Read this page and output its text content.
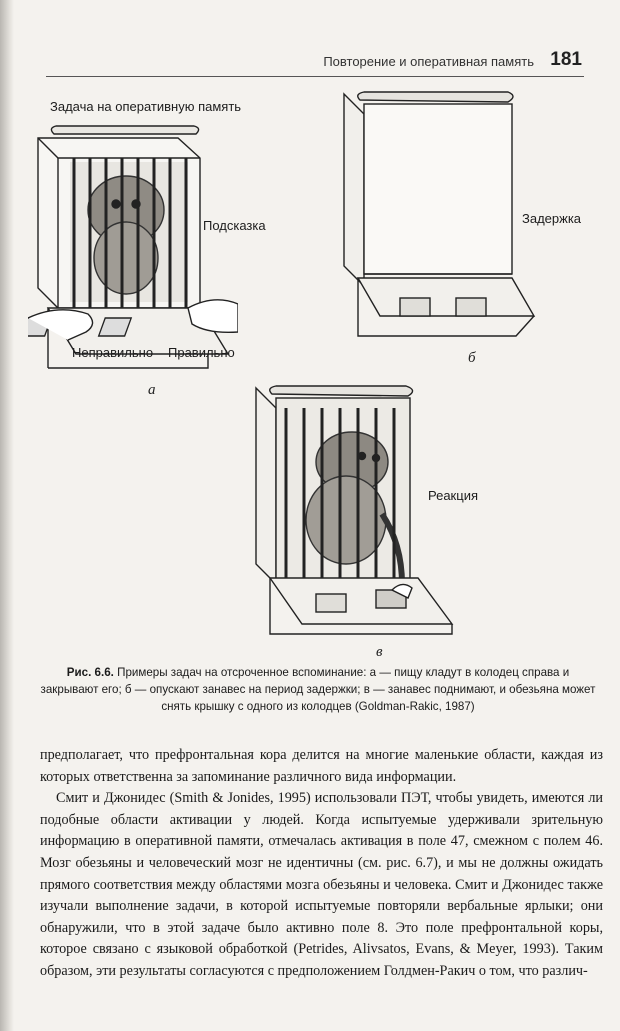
Повторение и оперативная память 181
Задача на оперативную память
Подсказка
Неправильно Правильно
а
Задержка
б
Реакция
в
Рис. 6.6. Примеры задач на отсроченное вспоминание: а — пищу кладут в колодец справа и закрывают его; б — опускают занавес на период задержки; в — занавес поднимают, и обезьяна может снять крышку с одного из колодцев (Goldman-Rakic, 1987)

предполагает, что префронтальная кора делится на многие маленькие области, каждая из которых ответственна за запоминание различного вида информации.

Смит и Джонидес (Smith & Jonides, 1995) использовали ПЭТ, чтобы увидеть, имеются ли подобные области активации у людей. Когда испытуемые удерживали зрительную информацию в оперативной памяти, отмечалась активация в поле 47, смежном с полем 46. Мозг обезьяны и человеческий мозг не идентичны (см. рис. 6.7), и мы не должны ожидать прямого соответствия между областями мозга обезьяны и человека. Смит и Джонидес также изучали выполнение задачи, в которой испытуемые повторяли вербальные ярлыки; они обнаружили, что в этой задаче было активно поле 8. Это поле префронтальной коры, которое связано с языковой обработкой (Petrides, Alivsatos, Evans, & Meyer, 1993). Таким образом, эти результаты согласуются с предположением Голдмен-Ракич о том, что различ-
